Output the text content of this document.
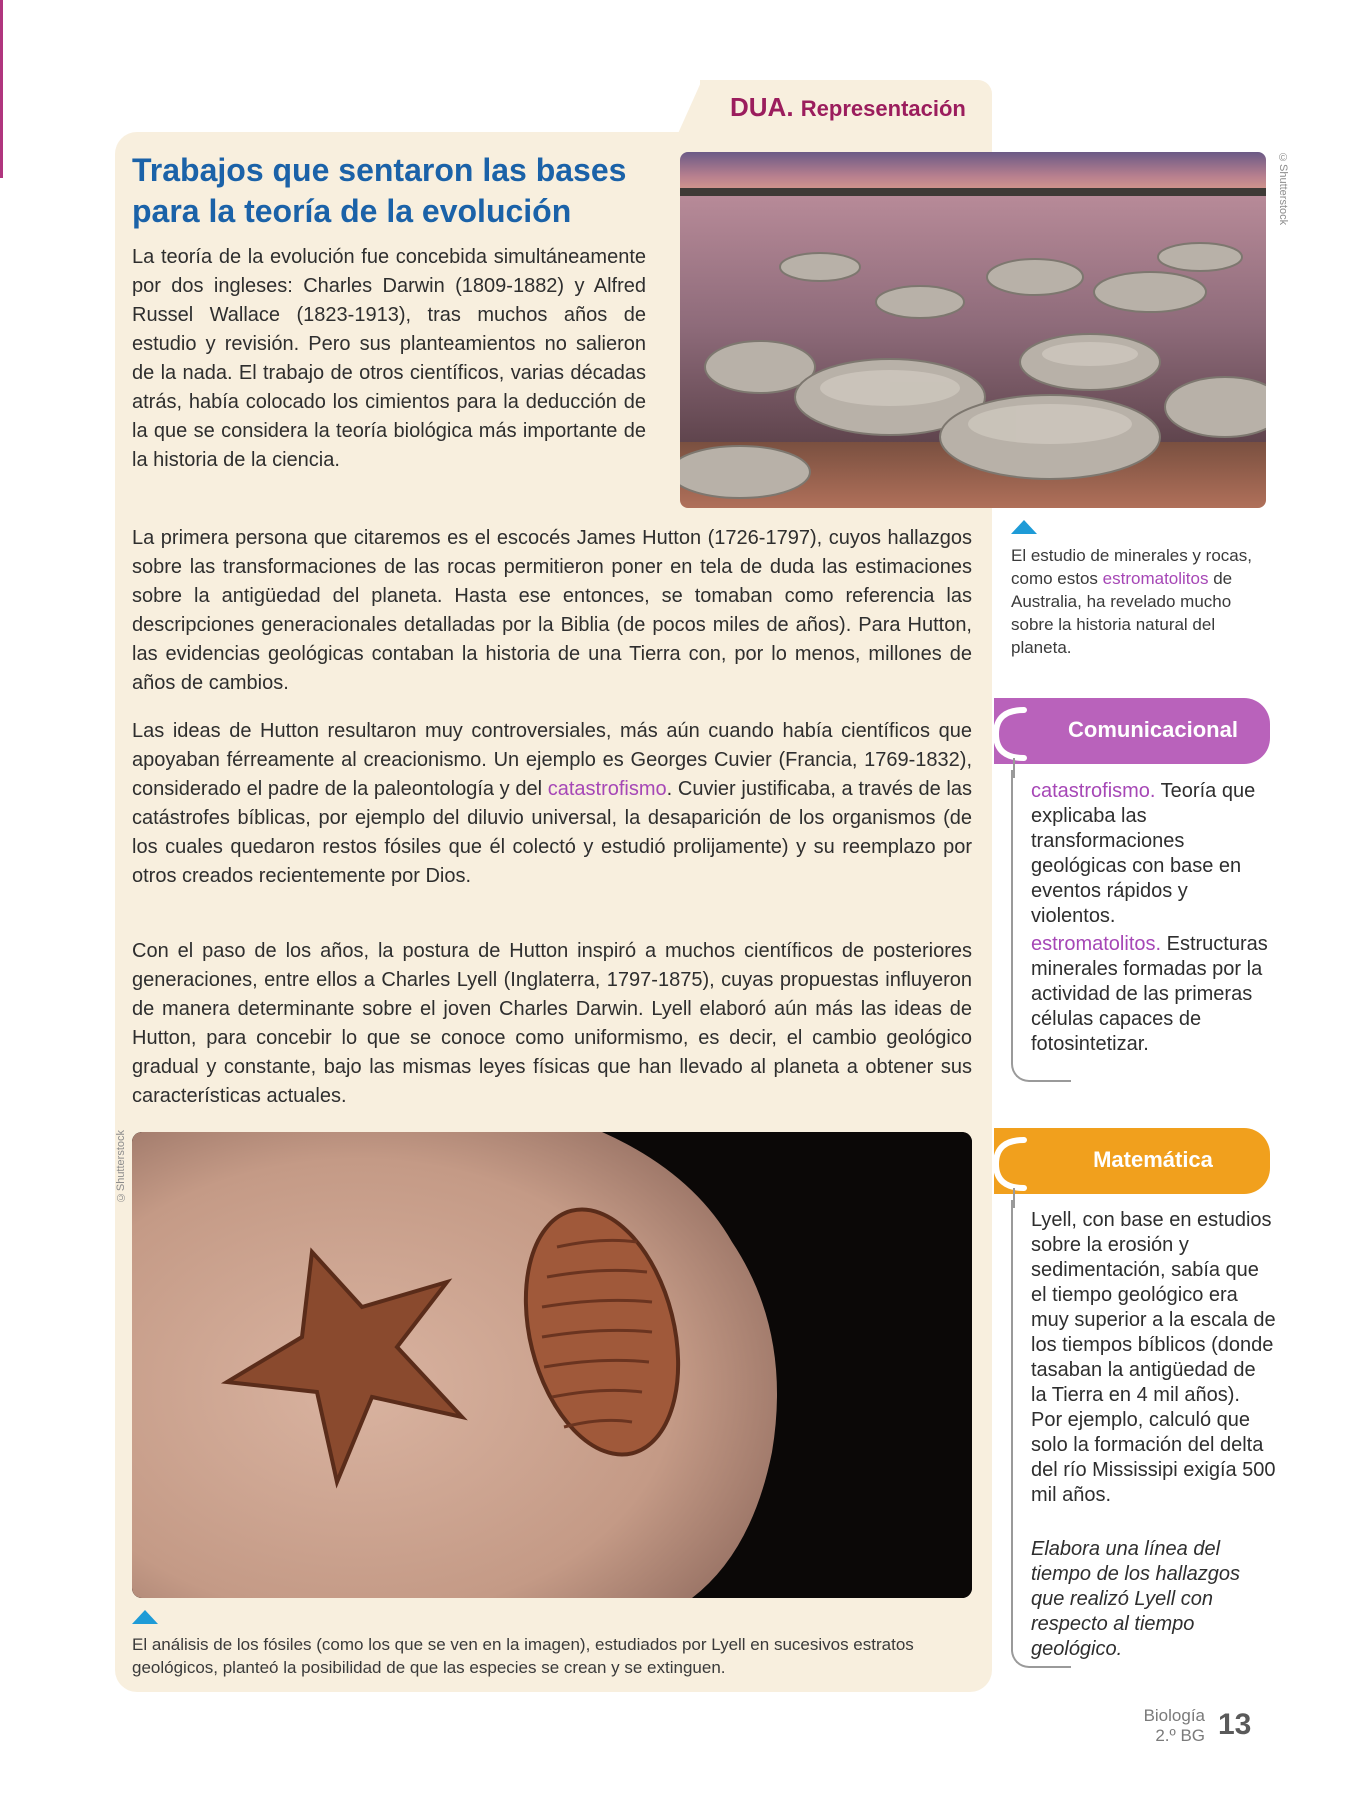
DUA. Representación
Trabajos que sentaron las bases para la teoría de la evolución

La teoría de la evolución fue concebida simultáneamente por dos ingleses: Charles Darwin (1809-1882) y Alfred Russel Wallace (1823-1913), tras muchos años de estudio y revisión. Pero sus planteamientos no salieron de la nada. El trabajo de otros científicos, varias décadas atrás, había colocado los cimientos para la deducción de la que se considera la teoría biológica más importante de la historia de la ciencia.

La primera persona que citaremos es el escocés James Hutton (1726-1797), cuyos hallazgos sobre las transformaciones de las rocas permitieron poner en tela de duda las estimaciones sobre la antigüedad del planeta. Hasta ese entonces, se tomaban como referencia las descripciones generacionales detalladas por la Biblia (de pocos miles de años). Para Hutton, las evidencias geológicas contaban la historia de una Tierra con, por lo menos, millones de años de cambios.

Las ideas de Hutton resultaron muy controversiales, más aún cuando había científicos que apoyaban férreamente al creacionismo. Un ejemplo es Georges Cuvier (Francia, 1769-1832), considerado el padre de la paleontología y del catastrofismo. Cuvier justificaba, a través de las catástrofes bíblicas, por ejemplo del diluvio universal, la desaparición de los organismos (de los cuales quedaron restos fósiles que él colectó y estudió prolijamente) y su reemplazo por otros creados recientemente por Dios.

Con el paso de los años, la postura de Hutton inspiró a muchos científicos de posteriores generaciones, entre ellos a Charles Lyell (Inglaterra, 1797-1875), cuyas propuestas influyeron de manera determinante sobre el joven Charles Darwin. Lyell elaboró aún más las ideas de Hutton, para concebir lo que se conoce como uniformismo, es decir, el cambio geológico gradual y constante, bajo las mismas leyes físicas que han llevado al planeta a obtener sus características actuales.

©Shutterstock

El estudio de minerales y rocas, como estos estromatolitos de Australia, ha revelado mucho sobre la historia natural del planeta.

©Shutterstock

El análisis de los fósiles (como los que se ven en la imagen), estudiados por Lyell en sucesivos estratos geológicos, planteó la posibilidad de que las especies se crean y se extinguen.

Comunicacional

catastrofismo. Teoría que explicaba las transformaciones geológicas con base en eventos rápidos y violentos.

estromatolitos. Estructuras minerales formadas por la actividad de las primeras células capaces de fotosintetizar.

Matemática

Lyell, con base en estudios sobre la erosión y sedimentación, sabía que el tiempo geológico era muy superior a la escala de los tiempos bíblicos (donde tasaban la antigüedad de la Tierra en 4 mil años). Por ejemplo, calculó que solo la formación del delta del río Mississipi exigía 500 mil años.

Elabora una línea del tiempo de los hallazgos que realizó Lyell con respecto al tiempo geológico.

Biología
2.º BG 13
